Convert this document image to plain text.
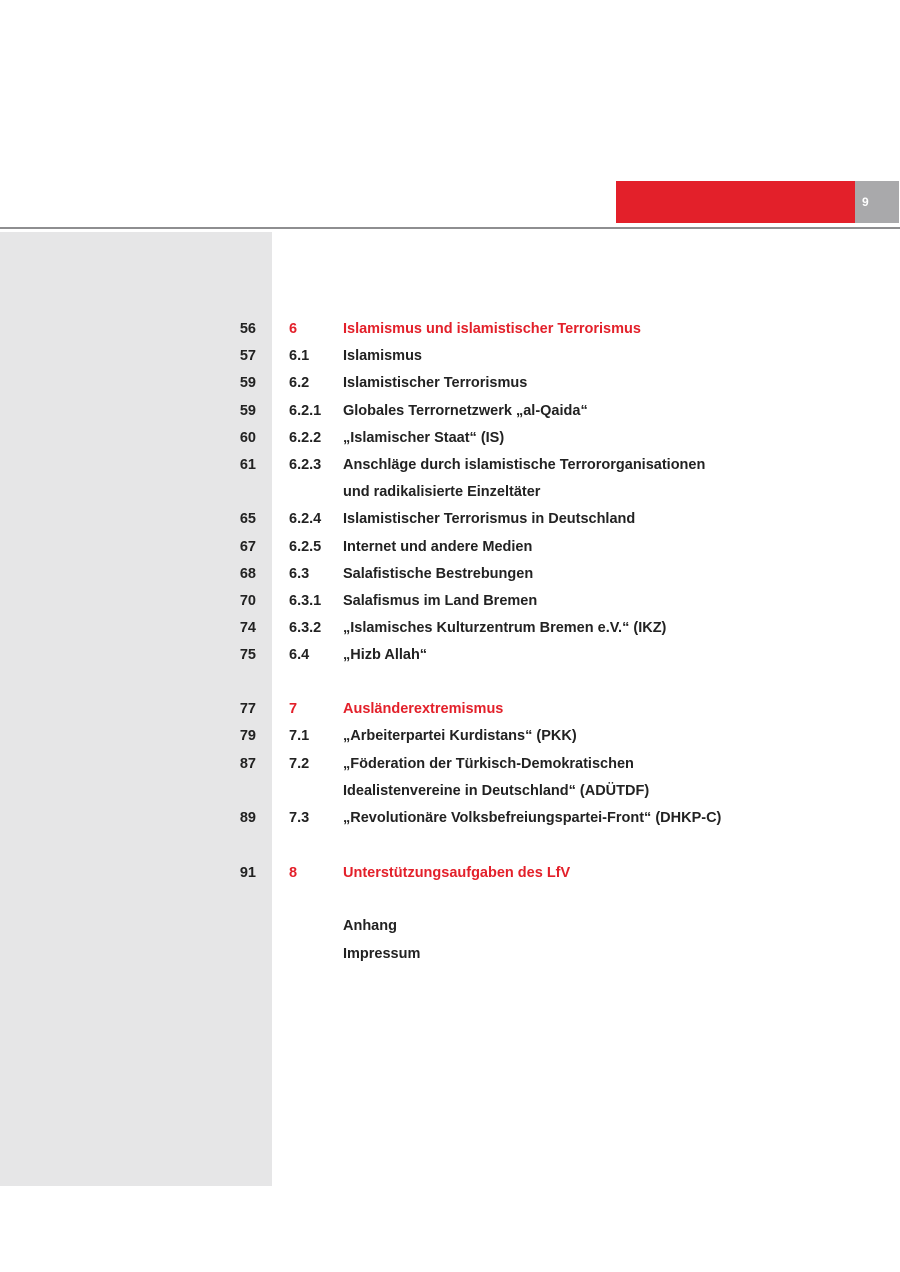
9
56 6	Islamismus und islamistischer Terrorismus
57 6.1 Islamismus
59 6.2 Islamistischer Terrorismus
59 6.2.1 Globales Terrornetzwerk „al-Qaida“
60 6.2.2 „Islamischer Staat“ (IS)
61 6.2.3 Anschläge durch islamistische Terrororganisationen
und radikalisierte Einzeltäter
65 6.2.4 Islamistischer Terrorismus in Deutschland
67 6.2.5 Internet und andere Medien
68 6.3 Salafistische Bestrebungen
70 6.3.1 Salafismus im Land Bremen
74 6.3.2 „Islamisches Kulturzentrum Bremen e.V.“ (IKZ)
75 6.4 „Hizb Allah“
77 7	Ausländerextremismus
79 7.1 „Arbeiterpartei Kurdistans“ (PKK)
87 7.2 „Föderation der Türkisch-Demokratischen
Idealistenvereine in Deutschland“ (ADÜTDF)
89 7.3 „Revolutionäre Volksbefreiungspartei-Front“ (DHKP-C)
91 8	Unterstützungsaufgaben des LfV
Anhang
Impressum
